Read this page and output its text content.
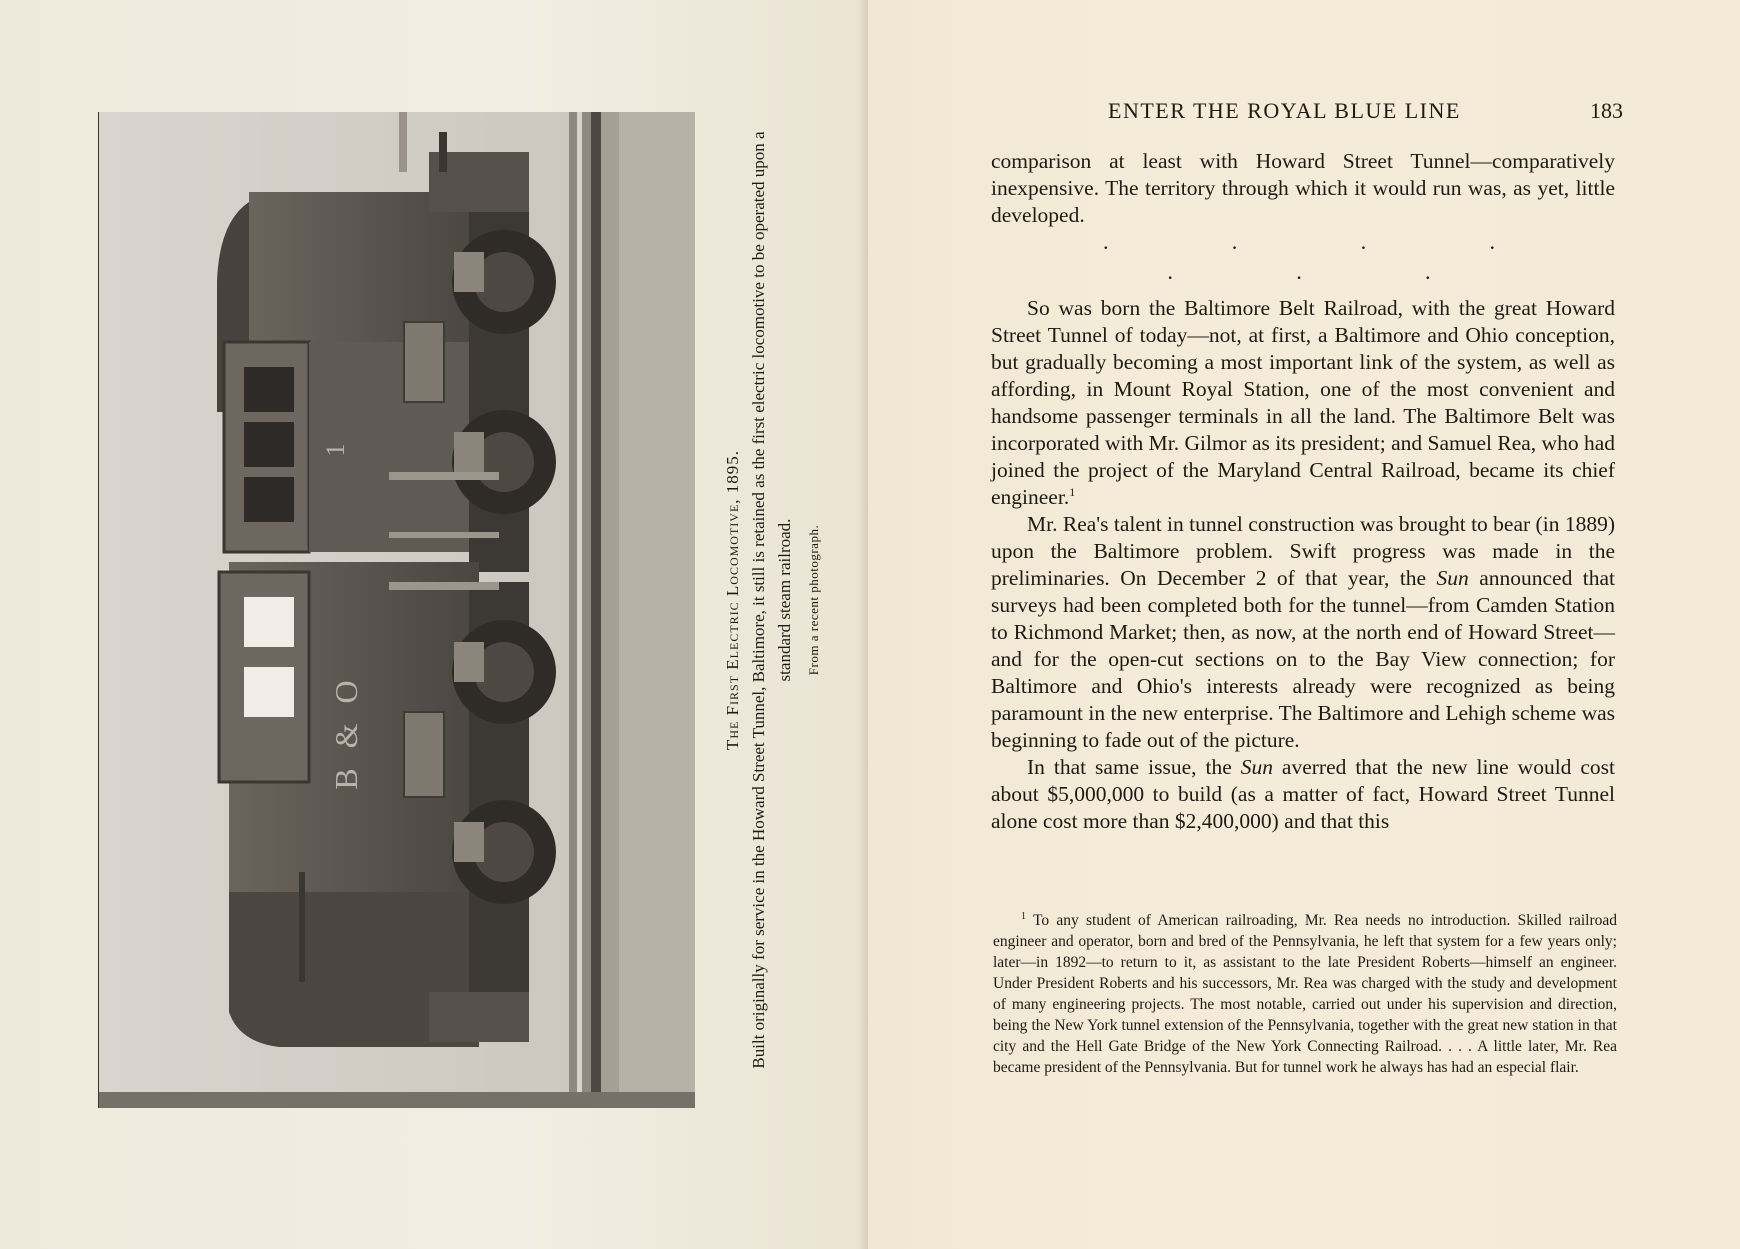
1
B & O	The First Electric Locomotive, 1895. Built originally for service in the Howard Street Tunnel, Baltimore, it still is retained as the first electric locomotive to be operated upon a standard steam railroad. From a recent photograph.
ENTER THE ROYAL BLUE LINE	183

comparison at least with Howard Street Tunnel—comparatively inexpensive. The territory through which it would run was, as yet, little developed.

· · · · · · ·

So was born the Baltimore Belt Railroad, with the great Howard Street Tunnel of today—not, at first, a Baltimore and Ohio conception, but gradually becoming a most important link of the system, as well as affording, in Mount Royal Station, one of the most convenient and handsome passenger terminals in all the land. The Baltimore Belt was incorporated with Mr. Gilmor as its president; and Samuel Rea, who had joined the project of the Maryland Central Railroad, became its chief engineer.$^1$

Mr. Rea's talent in tunnel construction was brought to bear (in 1889) upon the Baltimore problem. Swift progress was made in the preliminaries. On December 2 of that year, the Sun announced that surveys had been completed both for the tunnel—from Camden Station to Richmond Market; then, as now, at the north end of Howard Street—and for the open-cut sections on to the Bay View connection; for Baltimore and Ohio's interests already were recognized as being paramount in the new enterprise. The Baltimore and Lehigh scheme was beginning to fade out of the picture.

In that same issue, the Sun averred that the new line would cost about $5,000,000 to build (as a matter of fact, Howard Street Tunnel alone cost more than $2,400,000) and that this

$^1$ To any student of American railroading, Mr. Rea needs no introduction. Skilled railroad engineer and operator, born and bred of the Pennsylvania, he left that system for a few years only; later—in 1892—to return to it, as assistant to the late President Roberts—himself an engineer. Under President Roberts and his successors, Mr. Rea was charged with the study and development of many engineering projects. The most notable, carried out under his supervision and direction, being the New York tunnel extension of the Pennsylvania, together with the great new station in that city and the Hell Gate Bridge of the New York Connecting Railroad. . . . A little later, Mr. Rea became president of the Pennsylvania. But for tunnel work he always has had an especial flair.
